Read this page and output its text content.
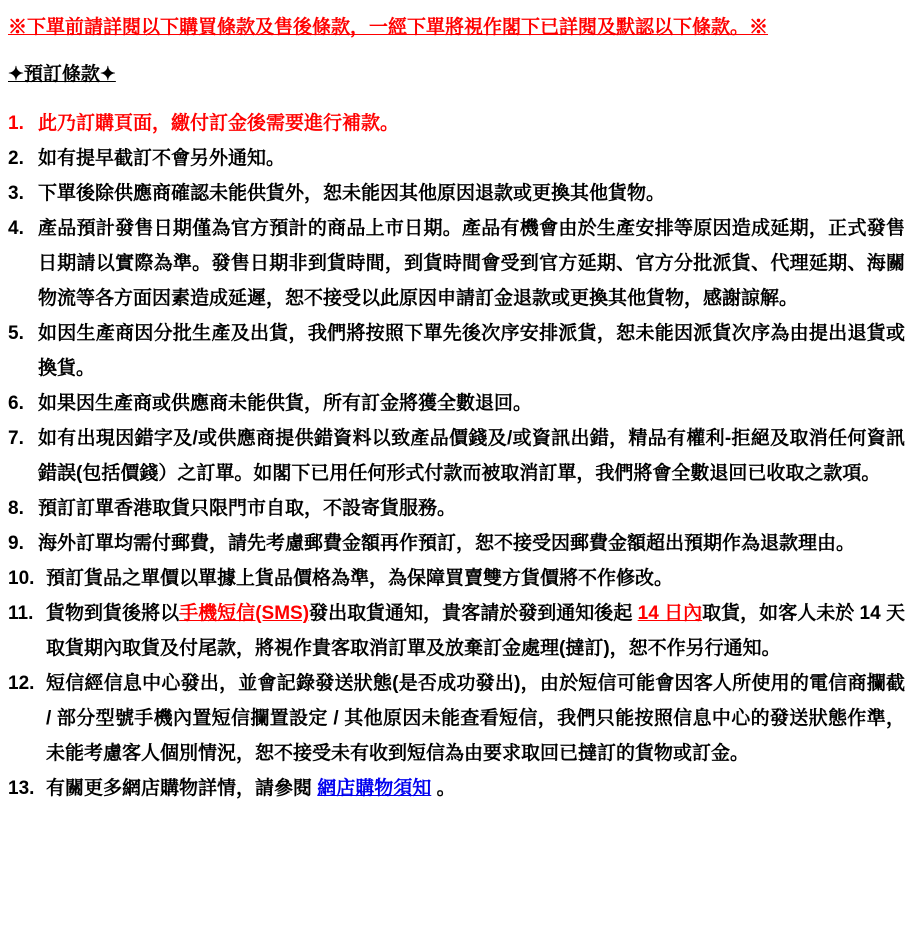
※下單前請詳閱以下購買條款及售後條款，一經下單將視作閣下已詳閱及默認以下條款。※
✦預訂條款✦
1. 此乃訂購頁面，繳付訂金後需要進行補款。
2. 如有提早截訂不會另外通知。
3. 下單後除供應商確認未能供貨外，恕未能因其他原因退款或更換其他貨物。
4. 產品預計發售日期僅為官方預計的商品上市日期。產品有機會由於生產安排等原因造成延期，正式發售日期請以實際為準。發售日期非到貨時間，到貨時間會受到官方延期、官方分批派貨、代理延期、海關物流等各方面因素造成延遲，恕不接受以此原因申請訂金退款或更換其他貨物，感謝諒解。
5. 如因生產商因分批生產及出貨，我們將按照下單先後次序安排派貨，恕未能因派貨次序為由提出退貨或換貨。
6. 如果因生產商或供應商未能供貨，所有訂金將獲全數退回。
7. 如有出現因錯字及/或供應商提供錯資料以致產品價錢及/或資訊出錯，精品有權利-拒絕及取消任何資訊錯誤(包括價錢）之訂單。如閣下已用任何形式付款而被取消訂單，我們將會全數退回已收取之款項。
8. 預訂訂單香港取貨只限門市自取，不設寄貨服務。
9. 海外訂單均需付郵費，請先考慮郵費金額再作預訂，恕不接受因郵費金額超出預期作為退款理由。
10. 預訂貨品之單價以單據上貨品價格為準，為保障買賣雙方貨價將不作修改。
11. 貨物到貨後將以手機短信(SMS)發出取貨通知，貴客請於發到通知後起 14 日內取貨，如客人未於 14 天取貨期內取貨及付尾款，將視作貴客取消訂單及放棄訂金處理(撻訂)，恕不作另行通知。
12. 短信經信息中心發出，並會記錄發送狀態(是否成功發出)，由於短信可能會因客人所使用的電信商攔截 / 部分型號手機內置短信攔置設定 / 其他原因未能查看短信，我們只能按照信息中心的發送狀態作準，未能考慮客人個別情況，恕不接受未有收到短信為由要求取回已撻訂的貨物或訂金。
13. 有關更多網店購物詳情，請參閱 網店購物須知 。
